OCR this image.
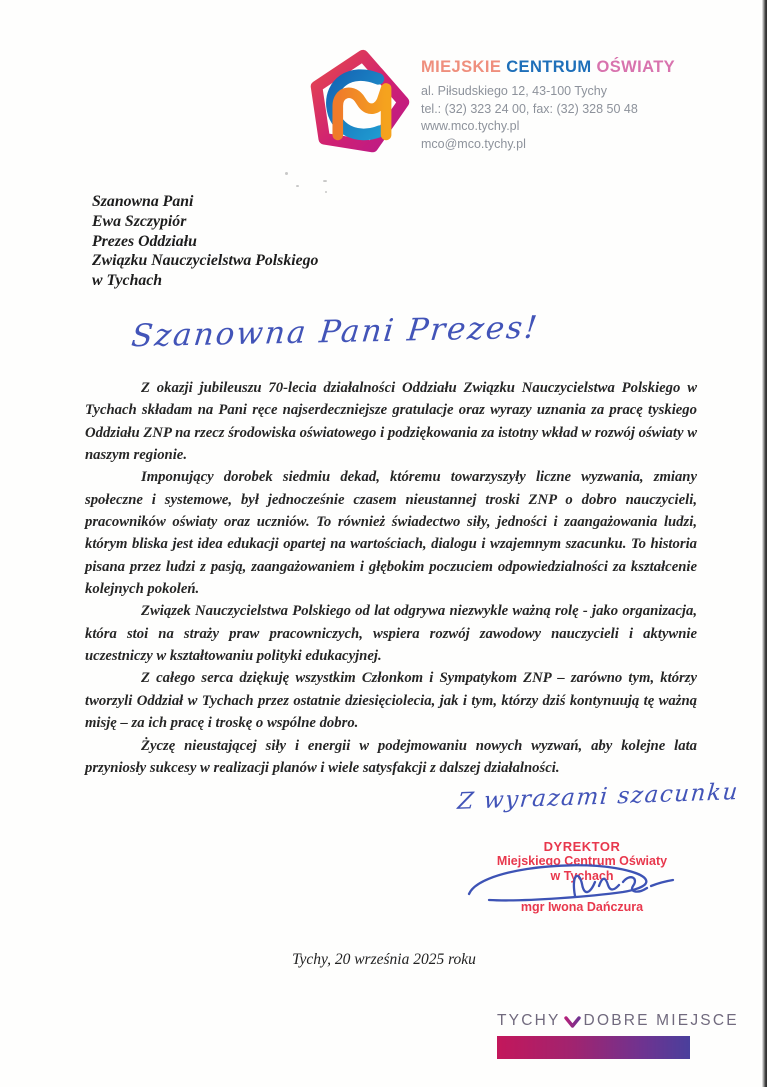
MIEJSKIE CENTRUM OŚWIATY
al. Piłsudskiego 12, 43-100 Tychy
tel.: (32) 323 24 00, fax: (32) 328 50 48
www.mco.tychy.pl
mco@mco.tychy.pl
Szanowna Pani
Ewa Szczypiór
Prezes Oddziału
Związku Nauczycielstwa Polskiego
w Tychach
Szanowna Pani Prezes!

Z okazji jubileuszu 70-lecia działalności Oddziału Związku Nauczycielstwa Polskiego w Tychach składam na Pani ręce najserdeczniejsze gratulacje oraz wyrazy uznania za pracę tyskiego Oddziału ZNP na rzecz środowiska oświatowego i podziękowania za istotny wkład w rozwój oświaty w naszym regionie.

Imponujący dorobek siedmiu dekad, któremu towarzyszyły liczne wyzwania, zmiany społeczne i systemowe, był jednocześnie czasem nieustannej troski ZNP o dobro nauczycieli, pracowników oświaty oraz uczniów. To również świadectwo siły, jedności i zaangażowania ludzi, którym bliska jest idea edukacji opartej na wartościach, dialogu i wzajemnym szacunku. To historia pisana przez ludzi z pasją, zaangażowaniem i głębokim poczuciem odpowiedzialności za kształcenie kolejnych pokoleń.

Związek Nauczycielstwa Polskiego od lat odgrywa niezwykle ważną rolę - jako organizacja, która stoi na straży praw pracowniczych, wspiera rozwój zawodowy nauczycieli i aktywnie uczestniczy w kształtowaniu polityki edukacyjnej.

Z całego serca dziękuję wszystkim Członkom i Sympatykom ZNP – zarówno tym, którzy tworzyli Oddział w Tychach przez ostatnie dziesięciolecia, jak i tym, którzy dziś kontynuują tę ważną misję – za ich pracę i troskę o wspólne dobro.

Życzę nieustającej siły i energii w podejmowaniu nowych wyzwań, aby kolejne lata przyniosły sukcesy w realizacji planów i wiele satysfakcji z dalszej działalności.

Z wyrazami szacunku
DYREKTOR
Miejskiego Centrum Oświaty
w Tychach
mgr Iwona Dańczura
Tychy, 20 września 2025 roku
TYCHY DOBRE MIEJSCE
